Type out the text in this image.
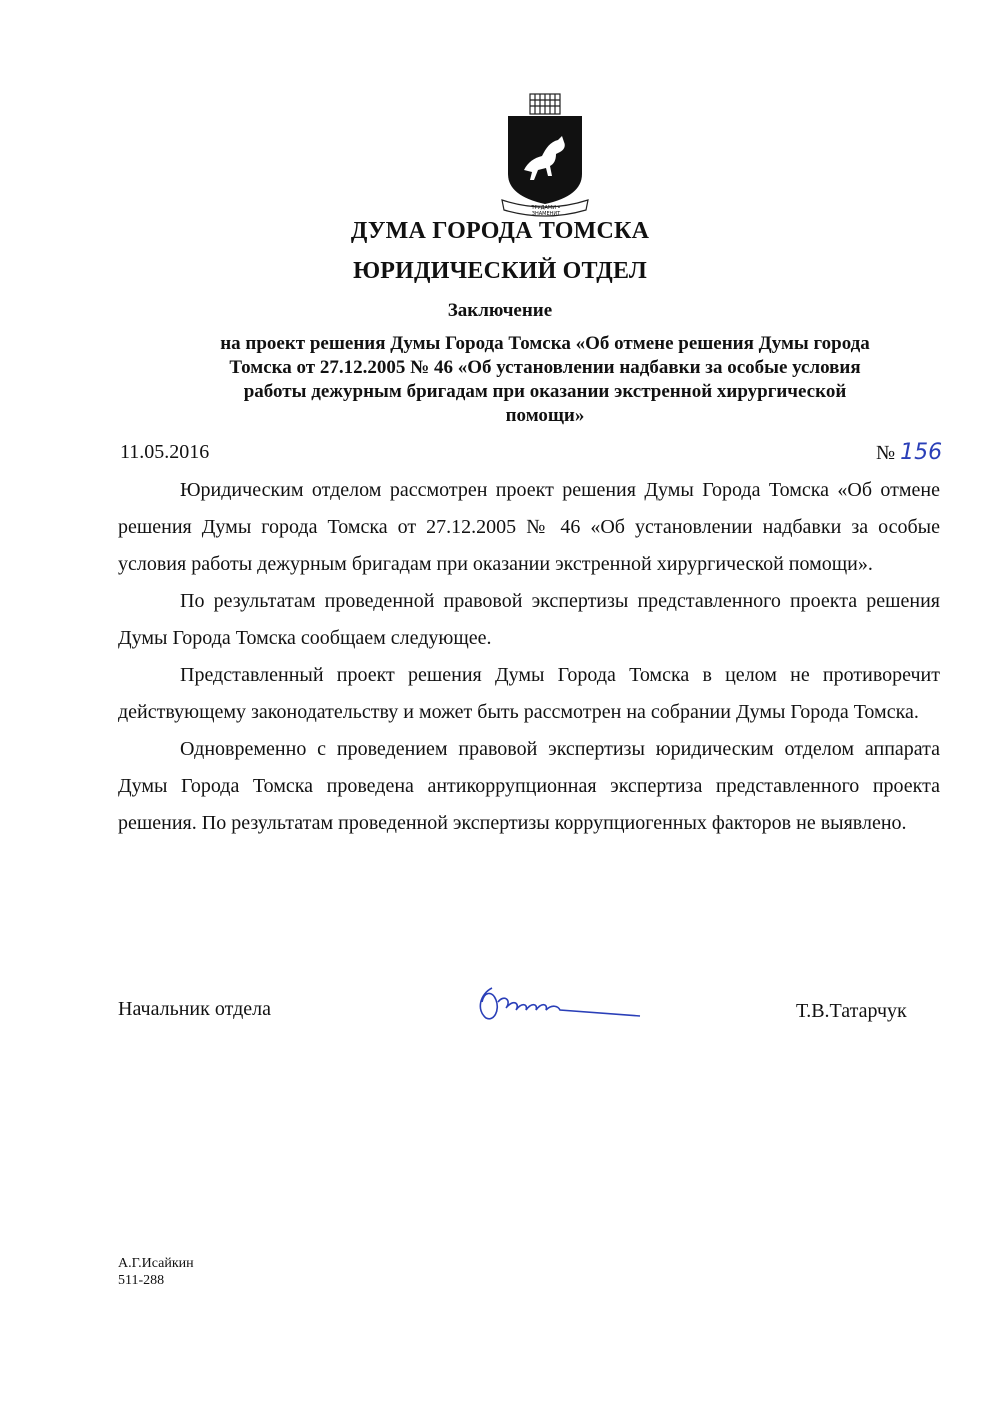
ТРУДАМИ • ЗНАМЕНИТ
ДУМА ГОРОДА ТОМСКА
ЮРИДИЧЕСКИЙ ОТДЕЛ
Заключение
на проект решения Думы Города Томска «Об отмене решения Думы города
Томска от 27.12.2005 № 46 «Об установлении надбавки за особые условия
работы дежурным бригадам при оказании экстренной хирургической
помощи»
11.05.2016	№ 156

Юридическим отделом рассмотрен проект решения Думы Города Томска «Об отмене решения Думы города Томска от 27.12.2005 № 46 «Об установлении надбавки за особые условия работы дежурным бригадам при оказании экстренной хирургической помощи».

По результатам проведенной правовой экспертизы представленного проекта решения Думы Города Томска сообщаем следующее.

Представленный проект решения Думы Города Томска в целом не противоречит действующему законодательству и может быть рассмотрен на собрании Думы Города Томска.

Одновременно с проведением правовой экспертизы юридическим отделом аппарата Думы Города Томска проведена антикоррупционная экспертиза представленного проекта решения. По результатам проведенной экспертизы коррупциогенных факторов не выявлено.

Начальник отдела	Т.В.Татарчук
А.Г.Исайкин
511-288
